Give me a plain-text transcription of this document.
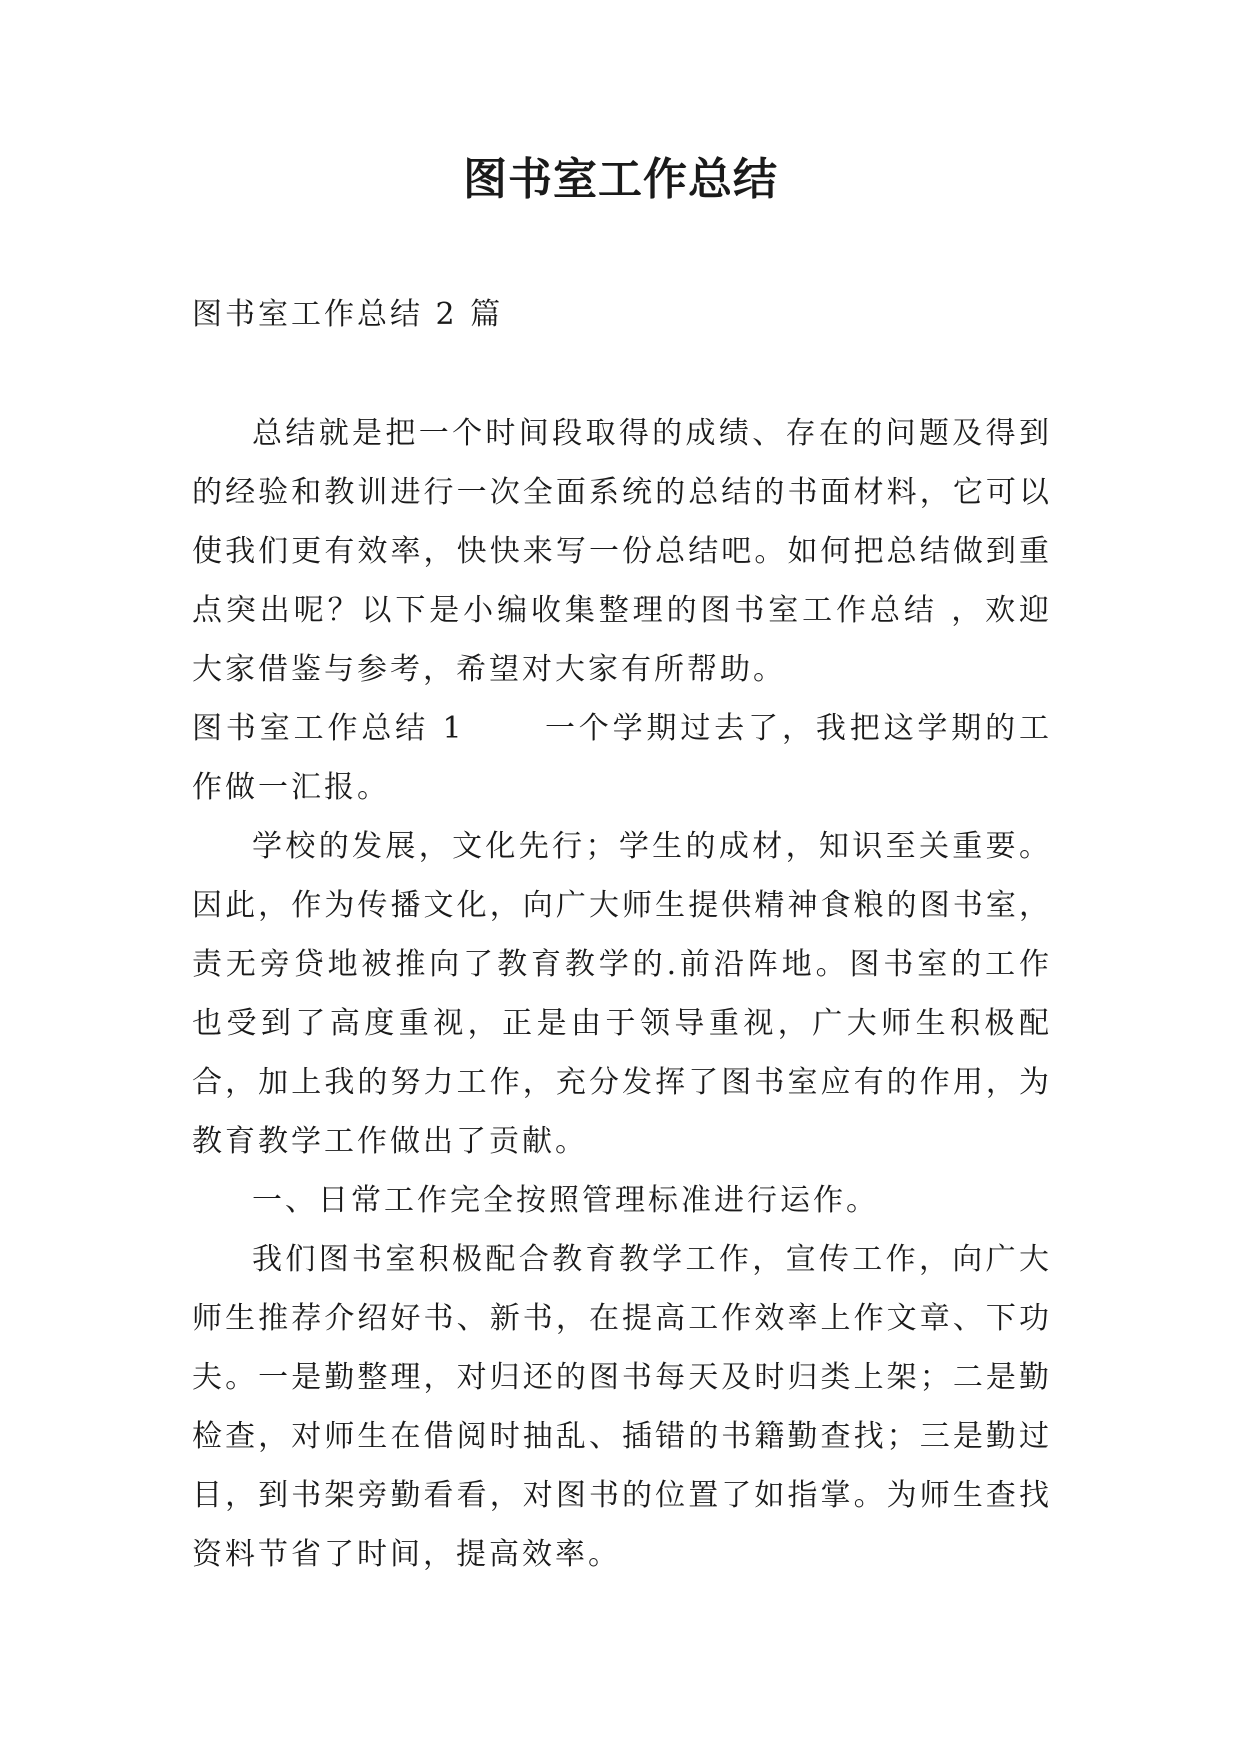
图书室工作总结

图书室工作总结 2 篇

总结就是把一个时间段取得的成绩、存在的问题及得到的经验和教训进行一次全面系统的总结的书面材料，它可以使我们更有效率，快快来写一份总结吧。如何把总结做到重点突出呢？以下是小编收集整理的图书室工作总结 ，欢迎大家借鉴与参考，希望对大家有所帮助。

图书室工作总结 1	一个学期过去了，我把这学期的工作做一汇报。

学校的发展，文化先行；学生的成材，知识至关重要。因此，作为传播文化，向广大师生提供精神食粮的图书室，责无旁贷地被推向了教育教学的.前沿阵地。图书室的工作也受到了高度重视，正是由于领导重视，广大师生积极配合，加上我的努力工作，充分发挥了图书室应有的作用，为教育教学工作做出了贡献。

一、日常工作完全按照管理标准进行运作。

我们图书室积极配合教育教学工作，宣传工作，向广大师生推荐介绍好书、新书，在提高工作效率上作文章、下功夫。一是勤整理，对归还的图书每天及时归类上架；二是勤检查，对师生在借阅时抽乱、插错的书籍勤查找；三是勤过目，到书架旁勤看看，对图书的位置了如指掌。为师生查找资料节省了时间，提高效率。
